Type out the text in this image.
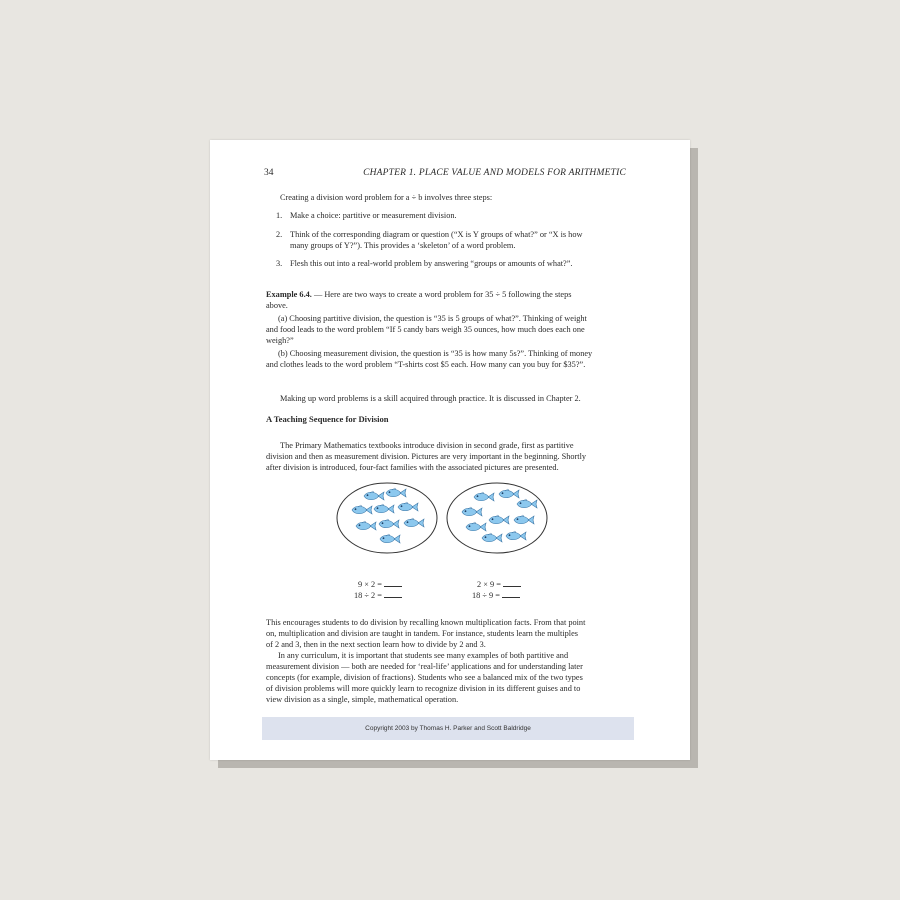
34	CHAPTER 1. PLACE VALUE AND MODELS FOR ARITHMETIC
Creating a division word problem for a ÷ b involves three steps:
1. Make a choice: partitive or measurement division.
2. Think of the corresponding diagram or question (“X is Y groups of what?” or “X is how
many groups of Y?”). This provides a ‘skeleton’ of a word problem.
3. Flesh this out into a real-world problem by answering “groups or amounts of what?”.
Example 6.4. — Here are two ways to create a word problem for 35 ÷ 5 following the steps
above.
(a) Choosing partitive division, the question is “35 is 5 groups of what?”. Thinking of weight
and food leads to the word problem “If 5 candy bars weigh 35 ounces, how much does each one
weigh?”
(b) Choosing measurement division, the question is “35 is how many 5s?”. Thinking of money
and clothes leads to the word problem “T-shirts cost $5 each. How many can you buy for $35?”.
Making up word problems is a skill acquired through practice. It is discussed in Chapter 2.
A Teaching Sequence for Division
The Primary Mathematics textbooks introduce division in second grade, first as partitive
division and then as measurement division. Pictures are very important in the beginning. Shortly
after division is introduced, four-fact families with the associated pictures are presented.
9 × 2 =
18 ÷ 2 =
2 × 9 =
18 ÷ 9 =
This encourages students to do division by recalling known multiplication facts. From that point
on, multiplication and division are taught in tandem. For instance, students learn the multiples
of 2 and 3, then in the next section learn how to divide by 2 and 3.
In any curriculum, it is important that students see many examples of both partitive and
measurement division — both are needed for ‘real-life’ applications and for understanding later
concepts (for example, division of fractions). Students who see a balanced mix of the two types
of division problems will more quickly learn to recognize division in its different guises and to
view division as a single, simple, mathematical operation.
Copyright 2003 by Thomas H. Parker and Scott Baldridge
